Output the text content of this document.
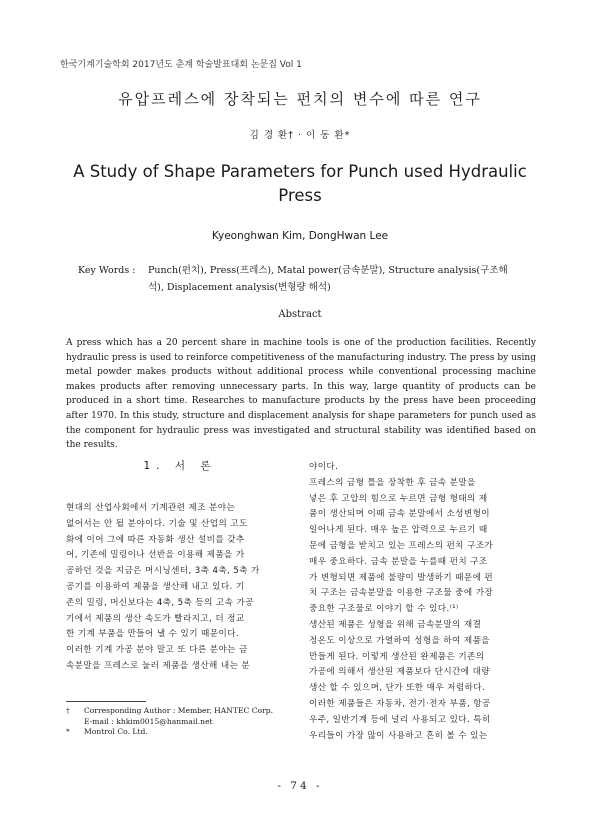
한국기계기술학회 2017년도 춘계 학술발표대회 논문집 Vol 1
유압프레스에 장착되는 펀치의 변수에 따른 연구
김 경 환† · 이 동 환*
A Study of Shape Parameters for Punch used Hydraulic Press
Kyeonghwan Kim, DongHwan Lee
Key Words : Punch(펀치), Press(프레스), Matal power(금속분말), Structure analysis(구조해
석), Displacement analysis(변형량 해석)
Abstract
A press which has a 20 percent share in machine tools is one of the production facilities. Recently hydraulic press is used to reinforce competitiveness of the manufacturing industry. The press by using metal powder makes products without additional process while conventional processing machine makes products after removing unnecessary parts. In this way, large quantity of products can be produced in a short time. Researches to manufacture products by the press have been proceeding after 1970. In this study, structure and displacement analysis for shape parameters for punch used as the component for hydraulic press was investigated and structural stability was identified based on the results.
1. 서 론
현대의 산업사회에서 기계관련 제조 분야는
없어서는 안 될 분야이다. 기술 및 산업의 고도
화에 이어 그에 따른 자동화 생산 설비를 갖추
어, 기존에 밀링이나 선반을 이용해 제품을 가
공하던 것을 지금은 머시닝센터, 3축 4축, 5축 가
공기를 이용하여 제품을 생산해 내고 있다. 기
존의 밀링, 머신보다는 4축, 5축 등의 고속 가공
기에서 제품의 생산 속도가 빨라지고, 더 정교
한 기계 부품을 만들어 낼 수 있기 때문이다.
이러한 기계 가공 분야 말고 또 다른 분야는 금
속분말을 프레스로 눌러 제품을 생산해 내는 분
야이다.
프레스의 금형 틀을 장착한 후 금속 분말을
넣은 후 고압의 힘으로 누르면 금형 형태의 제
품이 생산되며 이때 금속 분말에서 소성변형이
일어나게 된다. 매우 높은 압력으로 누르기 때
문에 금형을 받치고 있는 프레스의 펀치 구조가
매우 중요하다. 금속 분말을 누를때 펀치 구조
가 변형되면 제품에 불량이 발생하기 때문에 펀
치 구조는 금속분말을 이용한 구조물 중에 가장
중요한 구조물로 이야기 할 수 있다.⁽¹⁾
생산된 제품은 성형을 위해 금속분말의 재결
정온도 이상으로 가열하여 성형을 하여 제품을
만들게 된다. 이렇게 생산된 완제품은 기존의
가공에 의해서 생산된 제품보다 단시간에 대량
생산 할 수 있으며, 단가 또한 매우 저렴하다.
이러한 제품들은 자동차, 전기·전자 부품, 항공
우주, 일반기계 등에 널리 사용되고 있다. 특히
우리들이 가장 많이 사용하고 흔히 볼 수 있는
† Corresponding Author : Member, HANTEC Corp.
E-mail : khkim0015@hanmail.net
* Montrol Co. Ltd.
- 74 -
